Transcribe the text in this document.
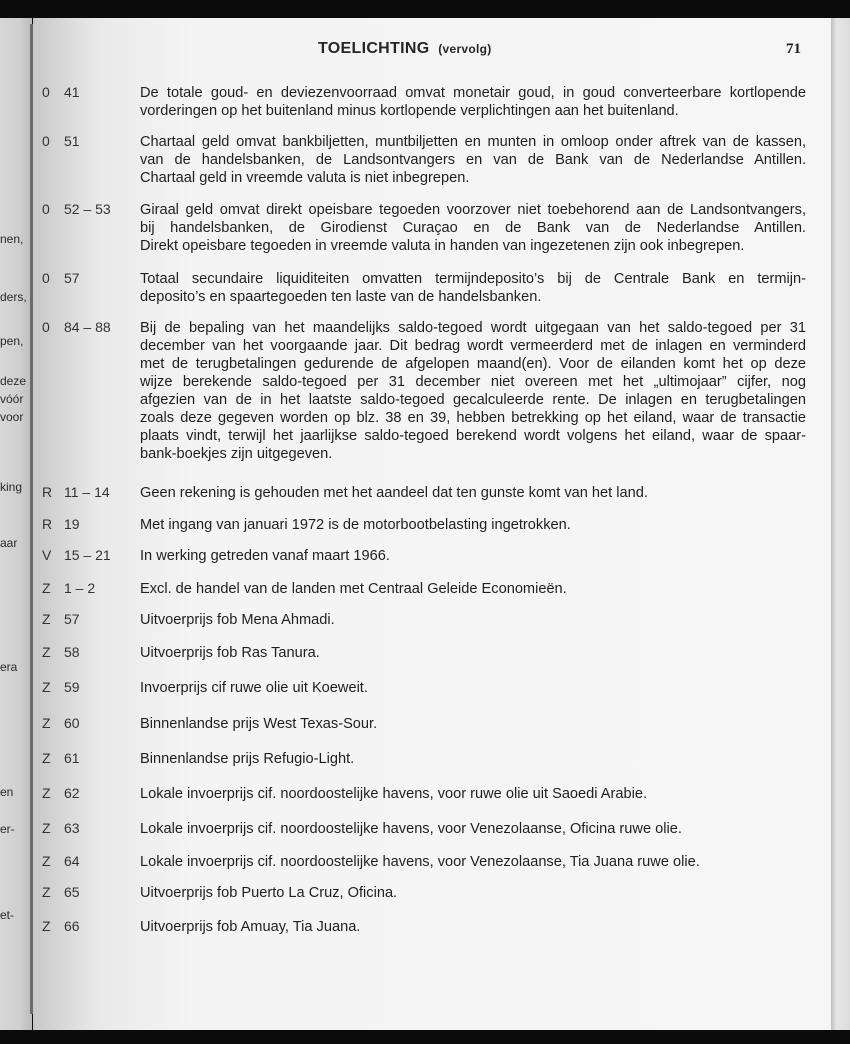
nen,
ders,
pen,
deze
vóór
voor
king
aar
era
en
er-
et-
TOELICHTING (vervolg)	71
0 41	De totale goud- en deviezenvoorraad omvat monetair goud, in goud converteerbare kortlopende
vorderingen op het buitenland minus kortlopende verplichtingen aan het buitenland.
0 51	Chartaal geld omvat bankbiljetten, muntbiljetten en munten in omloop onder aftrek van de kassen,
van de handelsbanken, de Landsontvangers en van de Bank van de Nederlandse Antillen.
Chartaal geld in vreemde valuta is niet inbegrepen.
0 52 – 53 Giraal geld omvat direkt opeisbare tegoeden voorzover niet toebehorend aan de Landsontvangers,
bij handelsbanken, de Girodienst Curaçao en de Bank van de Nederlandse Antillen.
Direkt opeisbare tegoeden in vreemde valuta in handen van ingezetenen zijn ook inbegrepen.
0 57	Totaal secundaire liquiditeiten omvatten termijndeposito’s bij de Centrale Bank en termijn-
deposito’s en spaartegoeden ten laste van de handelsbanken.
0 84 – 88 Bij de bepaling van het maandelijks saldo-tegoed wordt uitgegaan van het saldo-tegoed per 31
december van het voorgaande jaar. Dit bedrag wordt vermeerderd met de inlagen en verminderd
met de terugbetalingen gedurende de afgelopen maand(en). Voor de eilanden komt het op deze
wijze berekende saldo-tegoed per 31 december niet overeen met het „ultimojaar” cijfer, nog
afgezien van de in het laatste saldo-tegoed gecalculeerde rente. De inlagen en terugbetalingen
zoals deze gegeven worden op blz. 38 en 39, hebben betrekking op het eiland, waar de transactie
plaats vindt, terwijl het jaarlijkse saldo-tegoed berekend wordt volgens het eiland, waar de spaar-
bank-boekjes zijn uitgegeven.
R 11 – 14 Geen rekening is gehouden met het aandeel dat ten gunste komt van het land.
R 19	Met ingang van januari 1972 is de motorbootbelasting ingetrokken.
V 15 – 21 In werking getreden vanaf maart 1966.
Z 1 – 2	Excl. de handel van de landen met Centraal Geleide Economieën.
Z 57	Uitvoerprijs fob Mena Ahmadi.
Z 58	Uitvoerprijs fob Ras Tanura.
Z 59	Invoerprijs cif ruwe olie uit Koeweit.
Z 60	Binnenlandse prijs West Texas-Sour.
Z 61	Binnenlandse prijs Refugio-Light.
Z 62	Lokale invoerprijs cif. noordoostelijke havens, voor ruwe olie uit Saoedi Arabie.
Z 63	Lokale invoerprijs cif. noordoostelijke havens, voor Venezolaanse, Oficina ruwe olie.
Z 64	Lokale invoerprijs cif. noordoostelijke havens, voor Venezolaanse, Tia Juana ruwe olie.
Z 65	Uitvoerprijs fob Puerto La Cruz, Oficina.
Z 66	Uitvoerprijs fob Amuay, Tia Juana.
